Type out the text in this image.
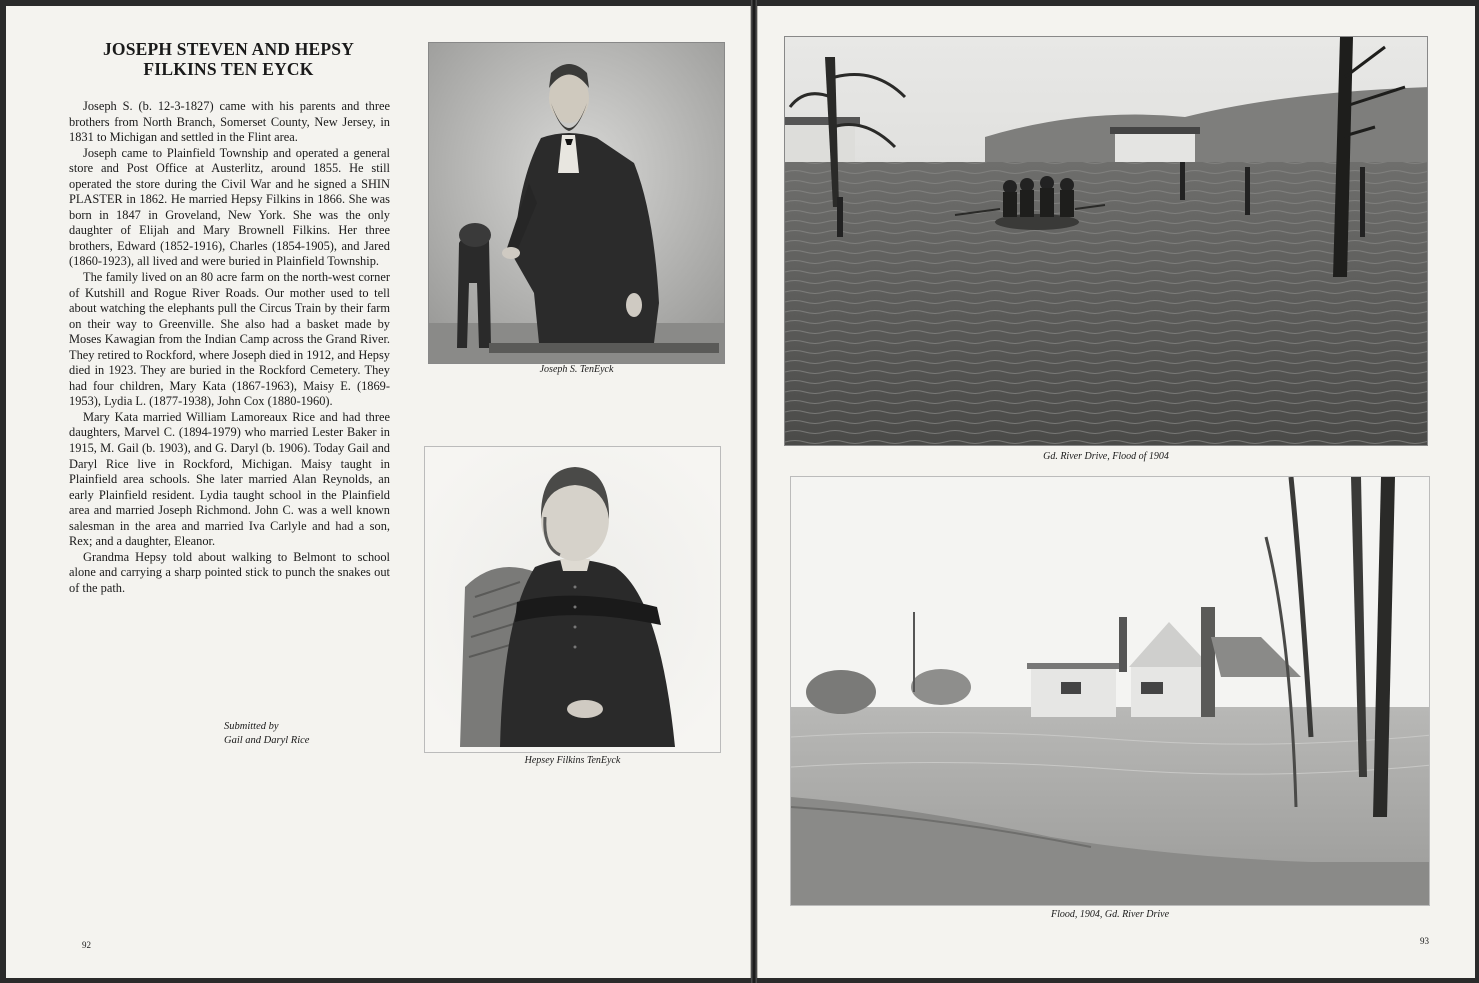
JOSEPH STEVEN AND HEPSY
FILKINS TEN EYCK

Joseph S. (b. 12-3-1827) came with his parents and three brothers from North Branch, Somerset County, New Jersey, in 1831 to Michigan and settled in the Flint area.

Joseph came to Plainfield Township and operated a general store and Post Office at Austerlitz, around 1855. He still operated the store during the Civil War and he signed a SHIN PLASTER in 1862. He married Hepsy Filkins in 1866. She was born in 1847 in Groveland, New York. She was the only daughter of Elijah and Mary Brownell Filkins. Her three brothers, Edward (1852-1916), Charles (1854-1905), and Jared (1860-1923), all lived and were buried in Plainfield Township.

The family lived on an 80 acre farm on the north-west corner of Kutshill and Rogue River Roads. Our mother used to tell about watching the elephants pull the Circus Train by their farm on their way to Greenville. She also had a basket made by Moses Kawagian from the Indian Camp across the Grand River. They retired to Rockford, where Joseph died in 1912, and Hepsy died in 1923. They are buried in the Rockford Cemetery. They had four children, Mary Kata (1867-1963), Maisy E. (1869-1953), Lydia L. (1877-1938), John Cox (1880-1960).

Mary Kata married William Lamoreaux Rice and had three daughters, Marvel C. (1894-1979) who married Lester Baker in 1915, M. Gail (b. 1903), and G. Daryl (b. 1906). Today Gail and Daryl Rice live in Rockford, Michigan. Maisy taught in Plainfield area schools. She later married Alan Reynolds, an early Plainfield resident. Lydia taught school in the Plainfield area and married Joseph Richmond. John C. was a well known salesman in the area and married Iva Carlyle and had a son, Rex; and a daughter, Eleanor.

Grandma Hepsy told about walking to Belmont to school alone and carrying a sharp pointed stick to punch the snakes out of the path.

Submitted by
Gail and Daryl Rice
Joseph S. TenEyck
Hepsey Filkins TenEyck
92
Gd. River Drive, Flood of 1904
Flood, 1904, Gd. River Drive
93
